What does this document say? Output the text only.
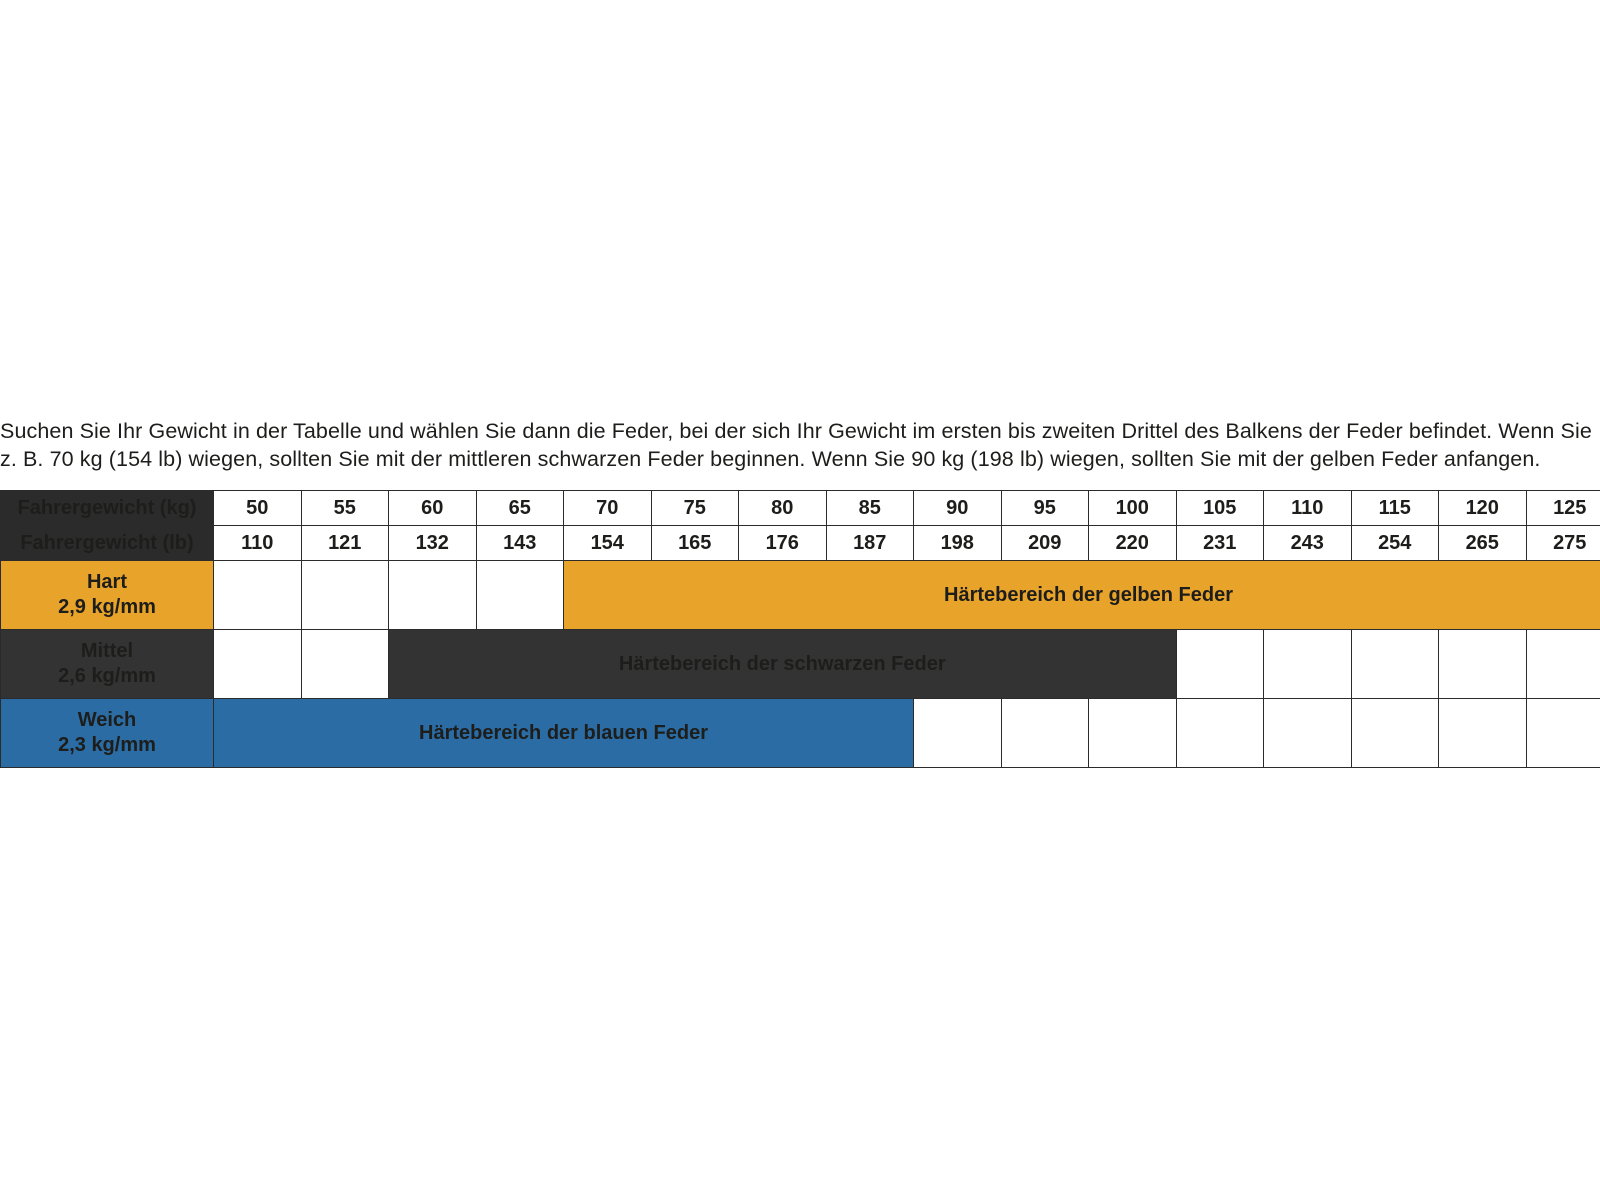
Suchen Sie Ihr Gewicht in der Tabelle und wählen Sie dann die Feder, bei der sich Ihr Gewicht im ersten bis zweiten Drittel des Balkens der Feder befindet. Wenn Sie z. B. 70 kg (154 lb) wiegen, sollten Sie mit der mittleren schwarzen Feder beginnen. Wenn Sie 90 kg (198 lb) wiegen, sollten Sie mit der gelben Feder anfangen.

Fahrergewicht (kg)	50	55	60	65	70	75	80	85	90	95	100	105	110	115	120	125
Fahrergewicht (lb)	110	121	132	143	154	165	176	187	198	209	220	231	243	254	265	275

Hart
2,9 kg/mm					Härtebereich der gelben Feder											

Mittel
2,6 kg/mm			Härtebereich der schwarzen Feder													

Weich
2,3 kg/mm	Härtebereich der blauen Feder															
